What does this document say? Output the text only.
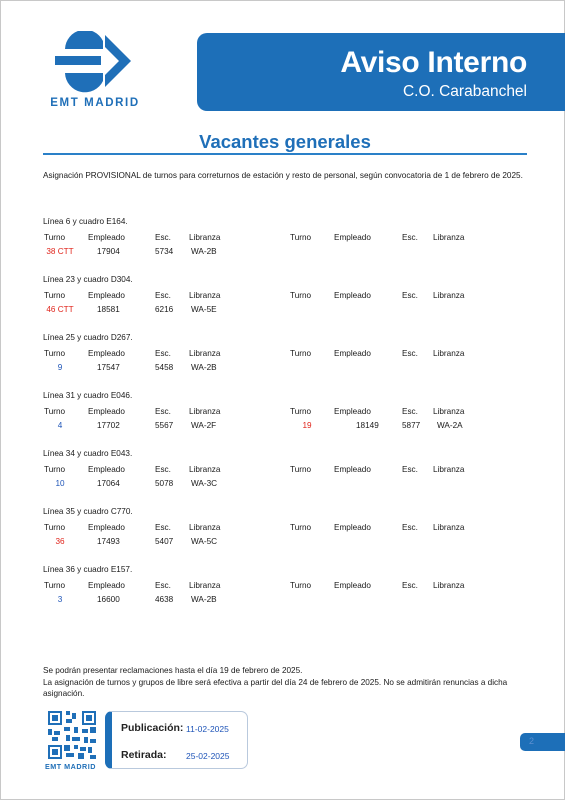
EMT MADRID
Aviso Interno
C.O. Carabanchel
Vacantes generales
Asignación PROVISIONAL de turnos para correturnos de estación y resto de personal, según convocatoria de 1 de febrero de 2025.
Línea 6 y cuadro E164.
Turno	Empleado	Esc. Libranza	Turno	Empleado	Esc. Libranza
38 CTT	17904	5734 WA-2B
Línea 23 y cuadro D304.
Turno	Empleado	Esc. Libranza	Turno	Empleado	Esc. Libranza
46 CTT	18581	6216 WA-5E
Línea 25 y cuadro D267.
Turno	Empleado	Esc. Libranza	Turno	Empleado	Esc. Libranza
9	17547	5458 WA-2B
Línea 31 y cuadro E046.
Turno	Empleado	Esc. Libranza	Turno	Empleado	Esc. Libranza
4	17702	5567 WA-2F	19	18149	5877 WA-2A
Línea 34 y cuadro E043.
Turno	Empleado	Esc. Libranza	Turno	Empleado	Esc. Libranza
10	17064	5078 WA-3C
Línea 35 y cuadro C770.
Turno	Empleado	Esc. Libranza	Turno	Empleado	Esc. Libranza
36	17493	5407 WA-5C
Línea 36 y cuadro E157.
Turno	Empleado	Esc. Libranza	Turno	Empleado	Esc. Libranza
3	16600	4638 WA-2B
Se podrán presentar reclamaciones hasta el día 19 de febrero de 2025.
La asignación de turnos y grupos de libre será efectiva a partir del día 24 de febrero de 2025. No se admitirán renuncias a dicha asignación.
EMT MADRID
Publicación: 11-02-2025
Retirada: 25-02-2025
2
